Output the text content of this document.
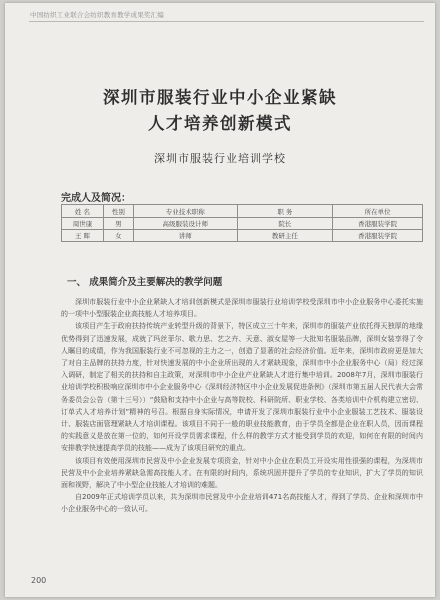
中国纺织工业联合会纺织教育教学成果奖汇编
深圳市服装行业中小企业紧缺
人才培养创新模式
深圳市服装行业培训学校
完成人及简况：
姓 名	性别	专业技术职称	职 务	所在单位
周世康	男	高级服装设计师	院长	香港服装学院
王 晖	女	讲师	教研主任	香港服装学院
一、 成果简介及主要解决的教学问题

深圳市服装行业中小企业紧缺人才培训创新模式是深圳市服装行业培训学校受深圳市中小企业服务中心委托实施的一项中小型服装企业高技能人才培养项目。

该项目产生于政府扶持传统产业转型升级的背景下，特区成立三十年来，深圳市的服装产业依托得天独厚的地缘优势得到了迅速发展，成就了玛丝菲尔、歌力思、艺之卉、天意、淑女屋等一大批知名服装品牌，深圳女装享得了令人瞩目的成绩，作为我国服装行业不可忽视的主力之一，创造了显著的社会经济价值。近年来，深圳市政府更是加大了对自主品牌的扶持力度，针对快速发展的中小企业所出现的人才紧缺现象，深圳市中小企业服务中心（局）经过深入调研，制定了相关的扶持和自主政策，对深圳市中小企业产业紧缺人才进行集中培训。2008年7月，深圳市服装行业培训学校积极响应深圳市中小企业服务中心《深圳经济特区中小企业发展促进条例》（深圳市第五届人民代表大会常务委员会公告（第十三号））“鼓励和支持中小企业与高等院校、科研院所、职业学校、各类培训中介机构建立密切、订单式人才培养计划”精神的号召。根据自身实际情况，申请开发了深圳市服装行业中小企业服装工艺技术、服装设计、服装店面管理紧缺人才培训课程。该项目不同于一般的职业技能教育，由于学员全都是企业在职人员，因而课程的实践意义是放在第一位的，如何开设学员需求课程，什么样的教学方式才能受到学员的欢迎，如何在有限的时间内安排教学快速提高学员的技能——成为了该项目研究的重点。

该项目有效使用深圳市民营及中小企业发展专项资金，针对中小企业在职员工开设实用性很强的课程，为深圳市民营及中小企业培养紧缺急需高技能人才。在有限的时间内，系统巩固并提升了学员的专业知识，扩大了学员的知识面和视野，解决了中小型企业技能人才培训的难题。

自2009年正式培训学员以来，共为深圳市民营及中小企业培训471名高技能人才，得到了学员、企业和深圳市中小企业服务中心的一致认可。

200
